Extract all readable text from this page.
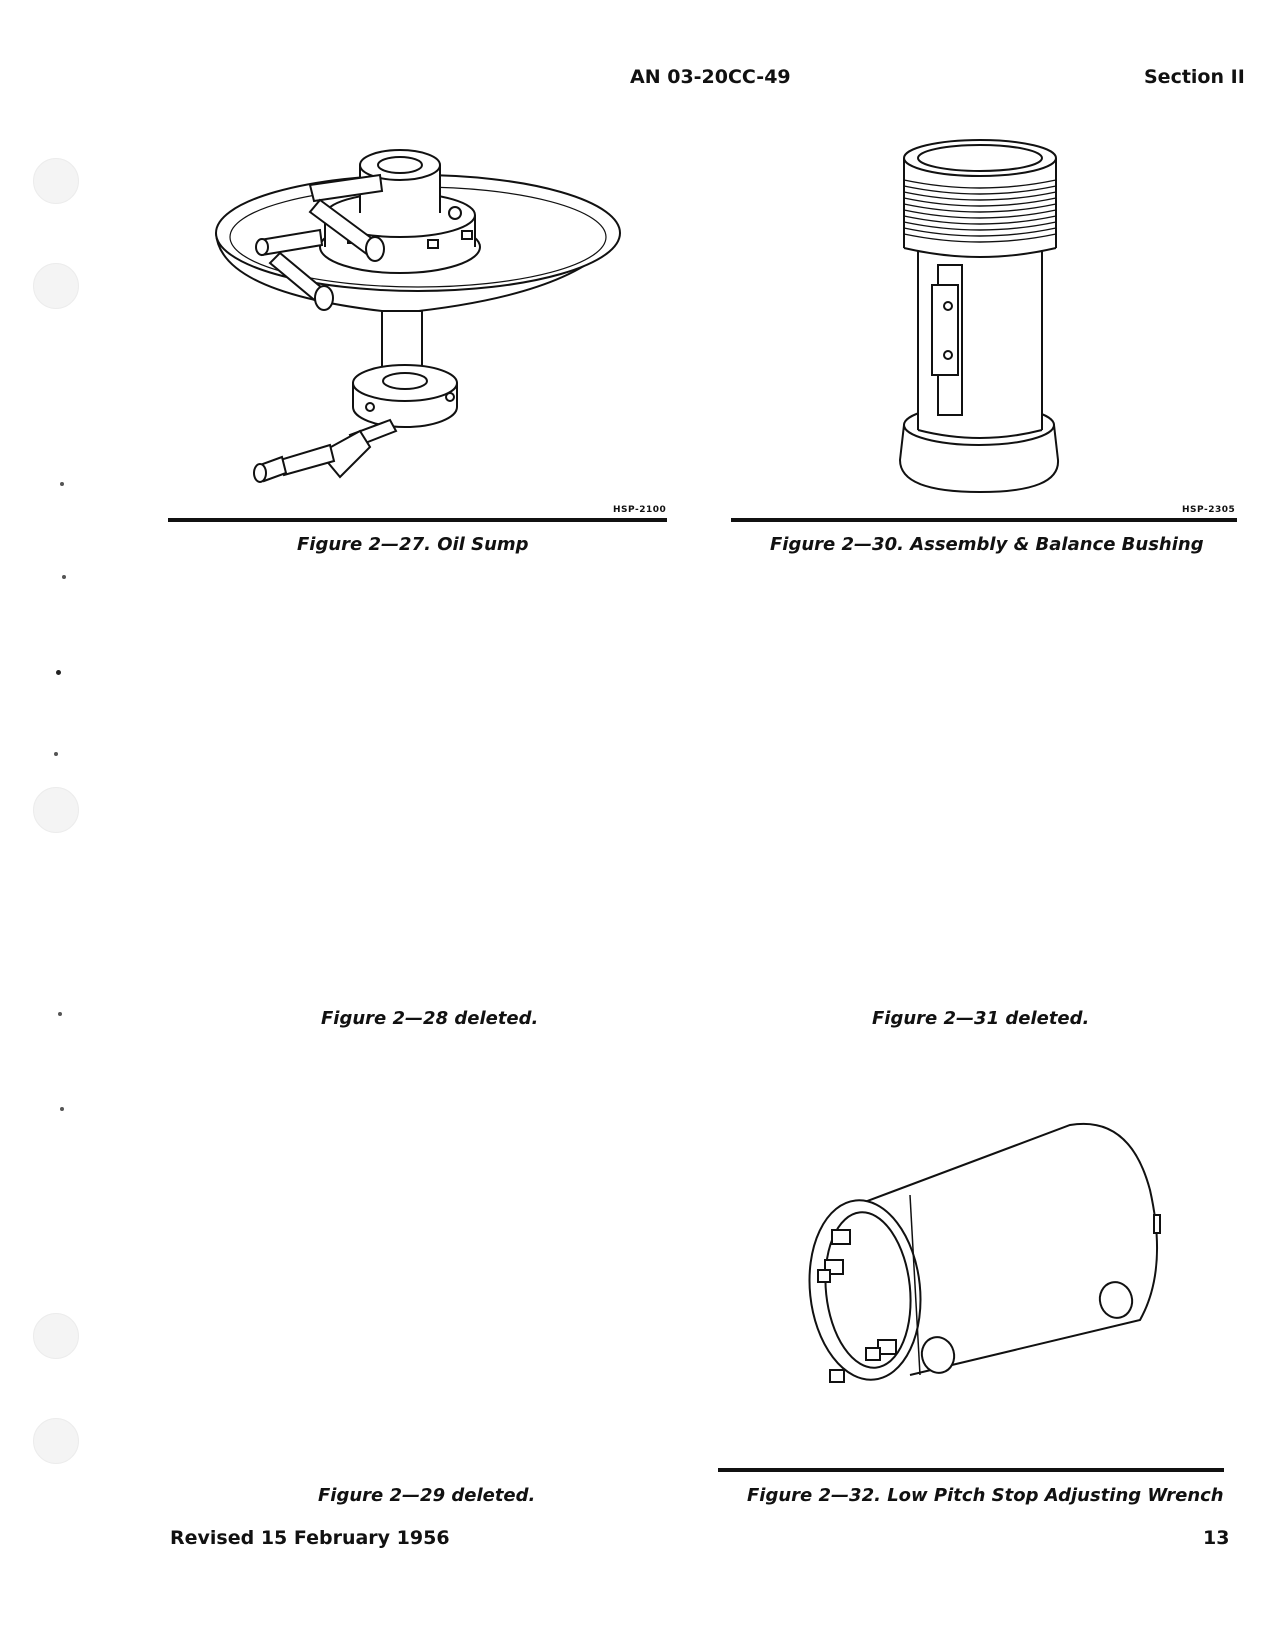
AN 03-20CC-49	Section II
HSP-2100
Figure 2—27. Oil Sump
HSP-2305
Figure 2—30. Assembly & Balance Bushing
Figure 2—28 deleted.	Figure 2—31 deleted.
Figure 2—29 deleted.	Figure 2—32. Low Pitch Stop Adjusting Wrench
Revised 15 February 1956	13
